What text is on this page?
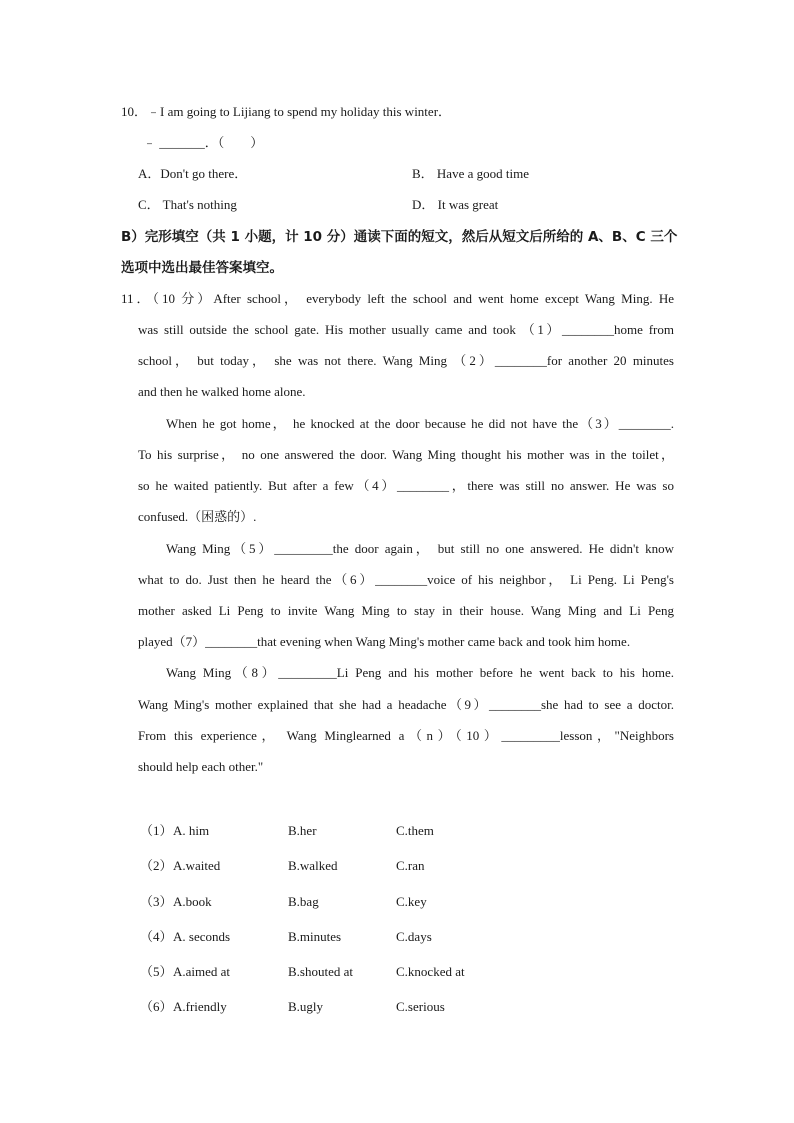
10．﹣I am going to Lijiang to spend my holiday this winter．
﹣ _______．（　　）
A．Don't go there．	B． Have a good time
C． That's nothing	D． It was great
B）完形填空（共 1 小题，计 10 分）通读下面的短文，然后从短文后所给的 A、B、C 三个
选项中选出最佳答案填空。
11．（10 分）After school， everybody left the school and went home except Wang Ming. He
was still outside the school gate. His mother usually came and took （1）________home from
school， but today， she was not there. Wang Ming （2）________for another 20 minutes
and then he walked home alone.
When he got home， he knocked at the door because he did not have the（3）________.
To his surprise， no one answered the door. Wang Ming thought his mother was in the toilet，
so he waited patiently. But after a few（4）________，there was still no answer. He was so
confused.（困惑的）.
Wang Ming（5）_________the door again， but still no one answered. He didn't know
what to do. Just then he heard the（6）________voice of his neighbor， Li Peng. Li Peng's
mother asked Li Peng to invite Wang Ming to stay in their house. Wang Ming and Li Peng
played（7）________that evening when Wang Ming's mother came back and took him home.
Wang Ming（8）_________Li Peng and his mother before he went back to his home.
Wang Ming's mother explained that she had a headache（9）________she had to see a doctor.
From this experience， Wang Minglearned a（n）（10）_________lesson，"Neighbors
should help each other."
（1） A. him	B.her	C.them
（2） A.waited	B.walked	C.ran
（3） A.book	B.bag	C.key
（4） A. seconds	B.minutes	C.days
（5） A.aimed at	B.shouted at	C.knocked at
（6） A.friendly	B.ugly	C.serious
